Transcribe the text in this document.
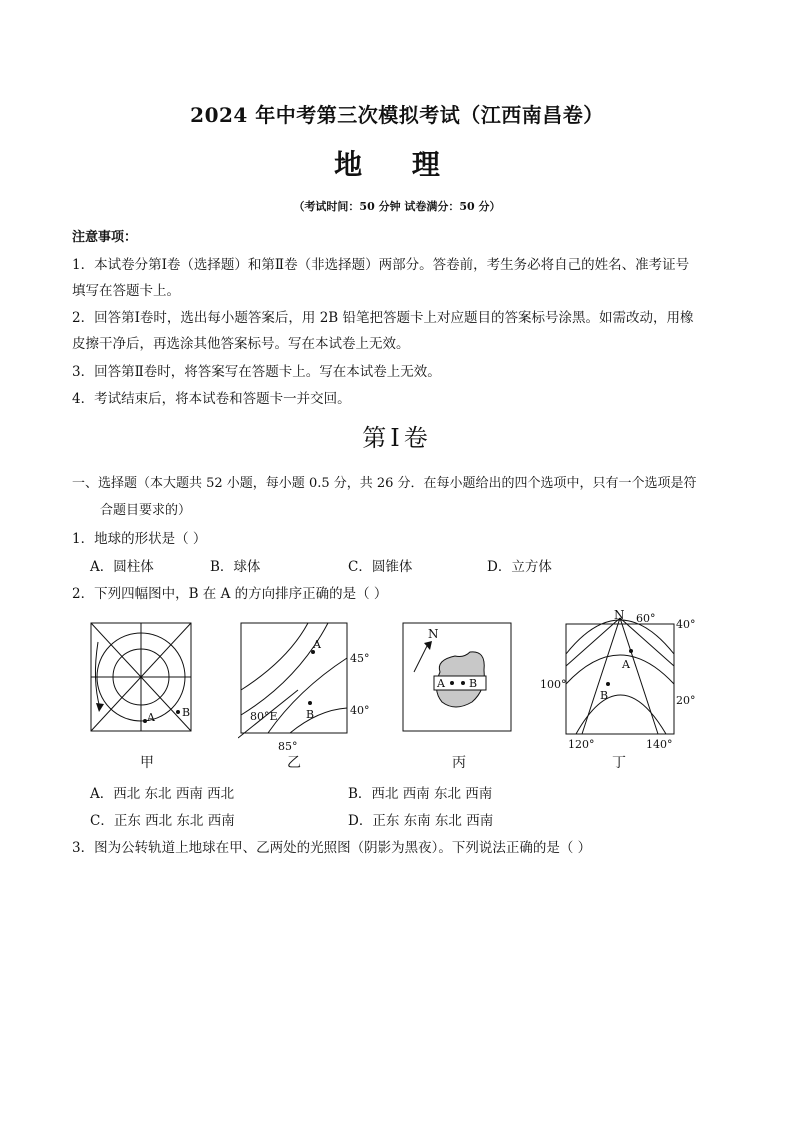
2024 年中考第三次模拟考试（江西南昌卷）
地 理
（考试时间：50 分钟 试卷满分：50 分）
注意事项：
1．本试卷分第Ⅰ卷（选择题）和第Ⅱ卷（非选择题）两部分。答卷前，考生务必将自己的姓名、准考证号
填写在答题卡上。
2．回答第Ⅰ卷时，选出每小题答案后，用 2B 铅笔把答题卡上对应题目的答案标号涂黑。如需改动，用橡
皮擦干净后，再选涂其他答案标号。写在本试卷上无效。
3．回答第Ⅱ卷时，将答案写在答题卡上。写在本试卷上无效。
4．考试结束后，将本试卷和答题卡一并交回。
第Ⅰ卷
一、选择题（本大题共 52 小题，每小题 0.5 分，共 26 分．在每小题给出的四个选项中，只有一个选项是符
合题目要求的）
1．地球的形状是（ ）
A．圆柱体	B．球体	C．圆锥体	D．立方体
2．下列四幅图中，B 在 A 的方向排序正确的是（ ）
A B
甲
A
B
45°
40°
80°E
85°
乙
N
A B
丙
A
B
N 60° 40°
100°
20°
120°	140°
丁
A．西北 东北 西南 西北	B．西北 西南 东北 西南
C．正东 西北 东北 西南	D．正东 东南 东北 西南
3．图为公转轨道上地球在甲、乙两处的光照图（阴影为黑夜）。下列说法正确的是（ ）
